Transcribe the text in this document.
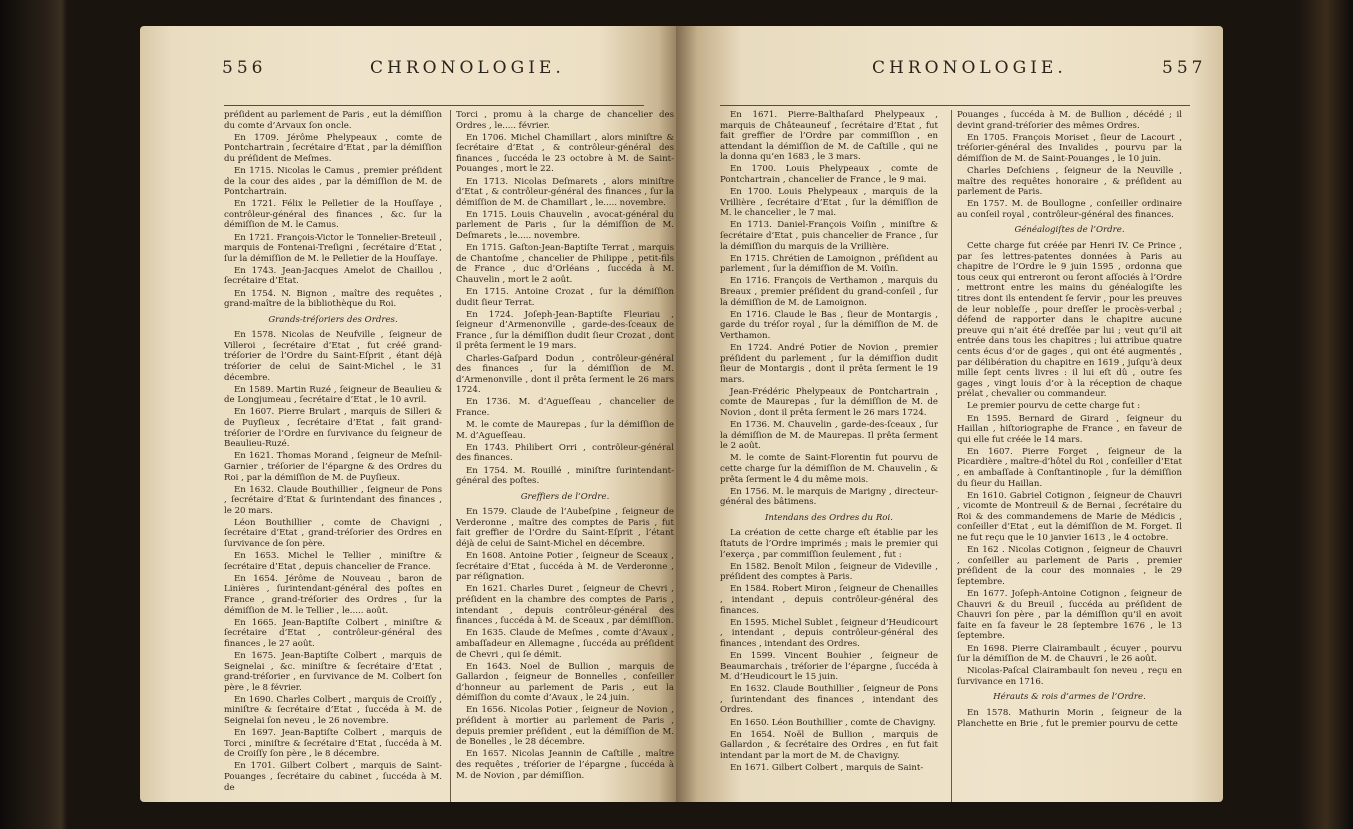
556	CHRONOLOGIE.

préſident au parlement de Paris , eut la démiſſion du comte d’Arvaux ſon oncle.

En 1709. Jérôme Phelypeaux , comte de Pontchartrain , ſecrétaire d’Etat , par la démiſſion du préſident de Meſmes.

En 1715. Nicolas le Camus , premier préſident de la cour des aides , par la démiſſion de M. de Pontchartrain.

En 1721. Félix le Pelletier de la Houſſaye , contrôleur-général des finances , &c. ſur la démiſſion de M. le Camus.

En 1721. François-Victor le Tonnelier-Breteuil , marquis de Fontenai-Treſigni , ſecrétaire d’Etat , ſur la démiſſion de M. le Pelletier de la Houſſaye.

En 1743. Jean-Jacques Amelot de Chaillou , ſecrétaire d’Etat.

En 1754. N. Bignon , maître des requêtes , grand-maître de la bibliothèque du Roi.

Grands-tréſoriers des Ordres.

En 1578. Nicolas de Neufville , ſeigneur de Villeroi , ſecrétaire d’Etat , fut créé grand-tréſorier de l’Ordre du Saint-Eſprit , étant déjà tréſorier de celui de Saint-Michel , le 31 décembre.

En 1589. Martin Ruzé , ſeigneur de Beaulieu & de Longjumeau , ſecrétaire d’Etat , le 10 avril.

En 1607. Pierre Brulart , marquis de Silleri & de Puyſieux , ſecrétaire d’Etat , fait grand-tréſorier de l’Ordre en ſurvivance du ſeigneur de Beaulieu-Ruzé.

En 1621. Thomas Morand , ſeigneur de Meſnil-Garnier , tréſorier de l’épargne & des Ordres du Roi , par la démiſſion de M. de Puyſieux.

En 1632. Claude Bouthillier , ſeigneur de Pons , ſecrétaire d’Etat & ſurintendant des finances , le 20 mars.

Léon Bouthillier , comte de Chavigni , ſecrétaire d’Etat , grand-tréſorier des Ordres en ſurvivance de ſon père.

En 1653. Michel le Tellier , miniſtre & ſecrétaire d’Etat , depuis chancelier de France.

En 1654. Jérôme de Nouveau , baron de Linières , ſurintendant-général des poſtes en France , grand-tréſorier des Ordres , ſur la démiſſion de M. le Tellier , le..... août.

En 1665. Jean-Baptiſte Colbert , miniſtre & ſecrétaire d’Etat , contrôleur-général des finances , le 27 août.

En 1675. Jean-Baptiſte Colbert , marquis de Seignelai , &c. miniſtre & ſecrétaire d’Etat , grand-tréſorier , en ſurvivance de M. Colbert ſon père , le 8 février.

En 1690. Charles Colbert , marquis de Croiſſy , miniſtre & ſecrétaire d’Etat , ſuccéda à M. de Seignelai ſon neveu , le 26 novembre.

En 1697. Jean-Baptiſte Colbert , marquis de Torci , miniſtre & ſecrétaire d’Etat , ſuccéda à M. de Croiſſy ſon père , le 8 décembre.

En 1701. Gilbert Colbert , marquis de Saint-Pouanges , ſecrétaire du cabinet , ſuccéda à M. de

Torci , promu à la charge de chancelier des Ordres , le..... février.

En 1706. Michel Chamillart , alors miniſtre & ſecrétaire d’Etat , & contrôleur-général des finances , ſuccéda le 23 octobre à M. de Saint-Pouanges , mort le 22.

En 1713. Nicolas Deſmarets , alors miniſtre d’Etat , & contrôleur-général des finances , ſur la démiſſion de M. de Chamillart , le..... novembre.

En 1715. Louis Chauvelin , avocat-général du parlement de Paris , ſur la démiſſion de M. Deſmarets , le..... novembre.

En 1715. Gaſton-Jean-Baptiſte Terrat , marquis de Chantoſme , chancelier de Philippe , petit-fils de France , duc d’Orléans , ſuccéda à M. Chauvelin , mort le 2 août.

En 1715. Antoine Crozat , ſur la démiſſion dudit ſieur Terrat.

En 1724. Joſeph-Jean-Baptiſte Fleuriau , ſeigneur d’Armenonville , garde-des-ſceaux de France , ſur la démiſſion dudit ſieur Crozat , dont il prêta ſerment le 19 mars.

Charles-Gaſpard Dodun , contrôleur-général des finances , ſur la démiſſion de M. d’Armenonville , dont il prêta ſerment le 26 mars 1724.

En 1736. M. d’Agueſſeau , chancelier de France.

M. le comte de Maurepas , ſur la démiſſion de M. d’Agueſſeau.

En 1743. Philibert Orri , contrôleur-général des finances.

En 1754. M. Rouillé , miniſtre ſurintendant-général des poſtes.

Greffiers de l’Ordre.

En 1579. Claude de l’Aubeſpine , ſeigneur de Verderonne , maître des comptes de Paris , fut fait greffier de l’Ordre du Saint-Eſprit , l’étant déjà de celui de Saint-Michel en décembre.

En 1608. Antoine Potier , ſeigneur de Sceaux , ſecrétaire d’Etat , ſuccéda à M. de Verderonne , par réſignation.

En 1621. Charles Duret , ſeigneur de Chevri , préſident en la chambre des comptes de Paris , intendant , depuis contrôleur-général des finances , ſuccéda à M. de Sceaux , par démiſſion.

En 1635. Claude de Meſmes , comte d’Avaux , ambaſſadeur en Allemagne , ſuccéda au préſident de Chevri , qui ſe démit.

En 1643. Noel de Bullion , marquis de Gallardon , ſeigneur de Bonnelles , conſeiller d’honneur au parlement de Paris , eut la démiſſion du comte d’Avaux , le 24 juin.

En 1656. Nicolas Potier , ſeigneur de Novion , préſident à mortier au parlement de Paris , depuis premier préſident , eut la démiſſion de M. de Bonelles , le 28 décembre.

En 1657. Nicolas Jeannin de Caſtille , maître des requêtes , tréſorier de l’épargne , ſuccéda à M. de Novion , par démiſſion.

CHRONOLOGIE.	557

En 1671. Pierre-Balthaſard Phelypeaux , marquis de Châteauneuf , ſecrétaire d’Etat , fut fait greffier de l’Ordre par commiſſion , en attendant la démiſſion de M. de Caſtille , qui ne la donna qu’en 1683 , le 3 mars.

En 1700. Louis Phelypeaux , comte de Pontchartrain , chancelier de France , le 9 mai.

En 1700. Louis Phelypeaux , marquis de la Vrillière , ſecrétaire d’Etat , ſur la démiſſion de M. le chancelier , le 7 mai.

En 1713. Daniel-François Voiſin , miniſtre & ſecrétaire d’Etat , puis chancelier de France , ſur la démiſſion du marquis de la Vrillière.

En 1715. Chrétien de Lamoignon , préſident au parlement , ſur la démiſſion de M. Voiſin.

En 1716. François de Verthamon , marquis du Breaux , premier préſident du grand-conſeil , ſur la démiſſion de M. de Lamoignon.

En 1716. Claude le Bas , ſieur de Montargis , garde du tréſor royal , ſur la démiſſion de M. de Verthamon.

En 1724. André Potier de Novion , premier préſident du parlement , ſur la démiſſion dudit ſieur de Montargis , dont il prêta ſerment le 19 mars.

Jean-Frédéric Phelypeaux de Pontchartrain , comte de Maurepas , ſur la démiſſion de M. de Novion , dont il prêta ſerment le 26 mars 1724.

En 1736. M. Chauvelin , garde-des-ſceaux , ſur la démiſſion de M. de Maurepas. Il prêta ſerment le 2 août.

M. le comte de Saint-Florentin fut pourvu de cette charge ſur la démiſſion de M. Chauvelin , & prêta ſerment le 4 du même mois.

En 1756. M. le marquis de Marigny , directeur-général des bâtimens.

Intendans des Ordres du Roi.

La création de cette charge eſt établie par les ſtatuts de l’Ordre imprimés ; mais le premier qui l’exerça , par commiſſion ſeulement , fut :

En 1582. Benoît Milon , ſeigneur de Videville , préſident des comptes à Paris.

En 1584. Robert Miron , ſeigneur de Chenailles , intendant , depuis contrôleur-général des finances.

En 1595. Michel Sublet , ſeigneur d’Heudicourt , intendant , depuis contrôleur-général des finances , intendant des Ordres.

En 1599. Vincent Bouhier , ſeigneur de Beaumarchais , tréſorier de l’épargne , ſuccéda à M. d’Heudicourt le 15 juin.

En 1632. Claude Bouthillier , ſeigneur de Pons , ſurintendant des finances , intendant des Ordres.

En 1650. Léon Bouthillier , comte de Chavigny.

En 1654. Noël de Bullion , marquis de Gallardon , & ſecrétaire des Ordres , en fut fait intendant par la mort de M. de Chavigny.

En 1671. Gilbert Colbert , marquis de Saint-

Pouanges , ſuccéda à M. de Bullion , décédé ; il devint grand-tréſorier des mêmes Ordres.

En 1705. François Moriset , ſieur de Lacourt , tréſorier-général des Invalides , pourvu par la démiſſion de M. de Saint-Pouanges , le 10 juin.

Charles Deſchiens , ſeigneur de la Neuville , maître des requêtes honoraire , & préſident au parlement de Paris.

En 1757. M. de Boullogne , conſeiller ordinaire au conſeil royal , contrôleur-général des finances.

Généalogiſtes de l’Ordre.

Cette charge fut créée par Henri IV. Ce Prince , par ſes lettres-patentes données à Paris au chapitre de l’Ordre le 9 juin 1595 , ordonna que tous ceux qui entreront ou ſeront aſſociés à l’Ordre , mettront entre les mains du généalogiſte les titres dont ils entendent ſe ſervir , pour les preuves de leur nobleſſe , pour dreſſer le procès-verbal ; défend de rapporter dans le chapitre aucune preuve qui n’ait été dreſſée par lui ; veut qu’il ait entrée dans tous les chapitres ; lui attribue quatre cents écus d’or de gages , qui ont été augmentés , par délibération du chapitre en 1619 , juſqu’à deux mille ſept cents livres : il lui eſt dû , outre ſes gages , vingt louis d’or à la réception de chaque prélat , chevalier ou commandeur.

Le premier pourvu de cette charge fut :

En 1595. Bernard de Girard , ſeigneur du Haillan , hiſtoriographe de France , en faveur de qui elle fut créée le 14 mars.

En 1607. Pierre Forget , ſeigneur de la Picardière , maître-d’hôtel du Roi , conſeiller d’Etat , en ambaſſade à Conſtantinople , ſur la démiſſion du ſieur du Haillan.

En 1610. Gabriel Cotignon , ſeigneur de Chauvri , vicomte de Montreuil & de Bernai , ſecrétaire du Roi & des commandemens de Marie de Médicis , conſeiller d’Etat , eut la démiſſion de M. Forget. Il ne fut reçu que le 10 janvier 1613 , le 4 octobre.

En 162 . Nicolas Cotignon , ſeigneur de Chauvri , conſeiller au parlement de Paris , premier préſident de la cour des monnaies , le 29 ſeptembre.

En 1677. Joſeph-Antoine Cotignon , ſeigneur de Chauvri & du Breuil , ſuccéda au préſident de Chauvri ſon père , par la démiſſion qu’il en avoit faite en ſa faveur le 28 ſeptembre 1676 , le 13 ſeptembre.

En 1698. Pierre Clairambault , écuyer , pourvu ſur la démiſſion de M. de Chauvri , le 26 août.

Nicolas-Paſcal Clairambault ſon neveu , reçu en ſurvivance en 1716.

Hérauts & rois d’armes de l’Ordre.

En 1578. Mathurin Morin , ſeigneur de la Planchette en Brie , fut le premier pourvu de cette
